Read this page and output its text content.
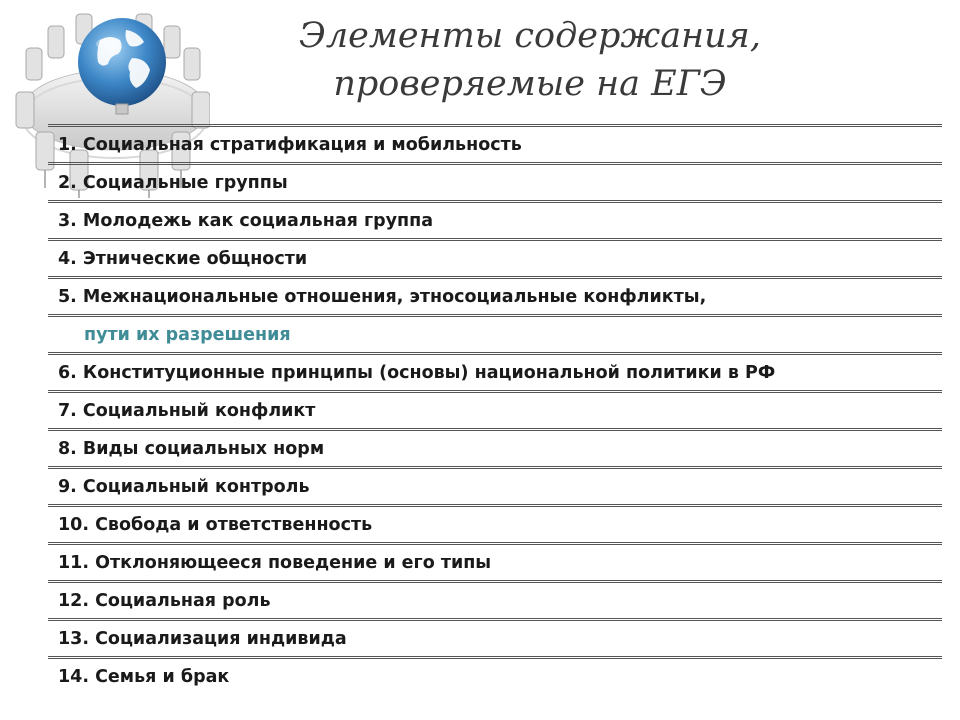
Элементы содержания,
проверяемые на ЕГЭ
1. Социальная стратификация и мобильность
2. Социальные группы
3. Молодежь как социальная группа
4. Этнические общности
5. Межнациональные отношения, этносоциальные конфликты,
пути их разрешения
6. Конституционные принципы (основы) национальной политики в РФ
7. Социальный конфликт
8. Виды социальных норм
9. Социальный контроль
10. Свобода и ответственность
11. Отклоняющееся поведение и его типы
12. Социальная роль
13. Социализация индивида
14. Семья и брак
